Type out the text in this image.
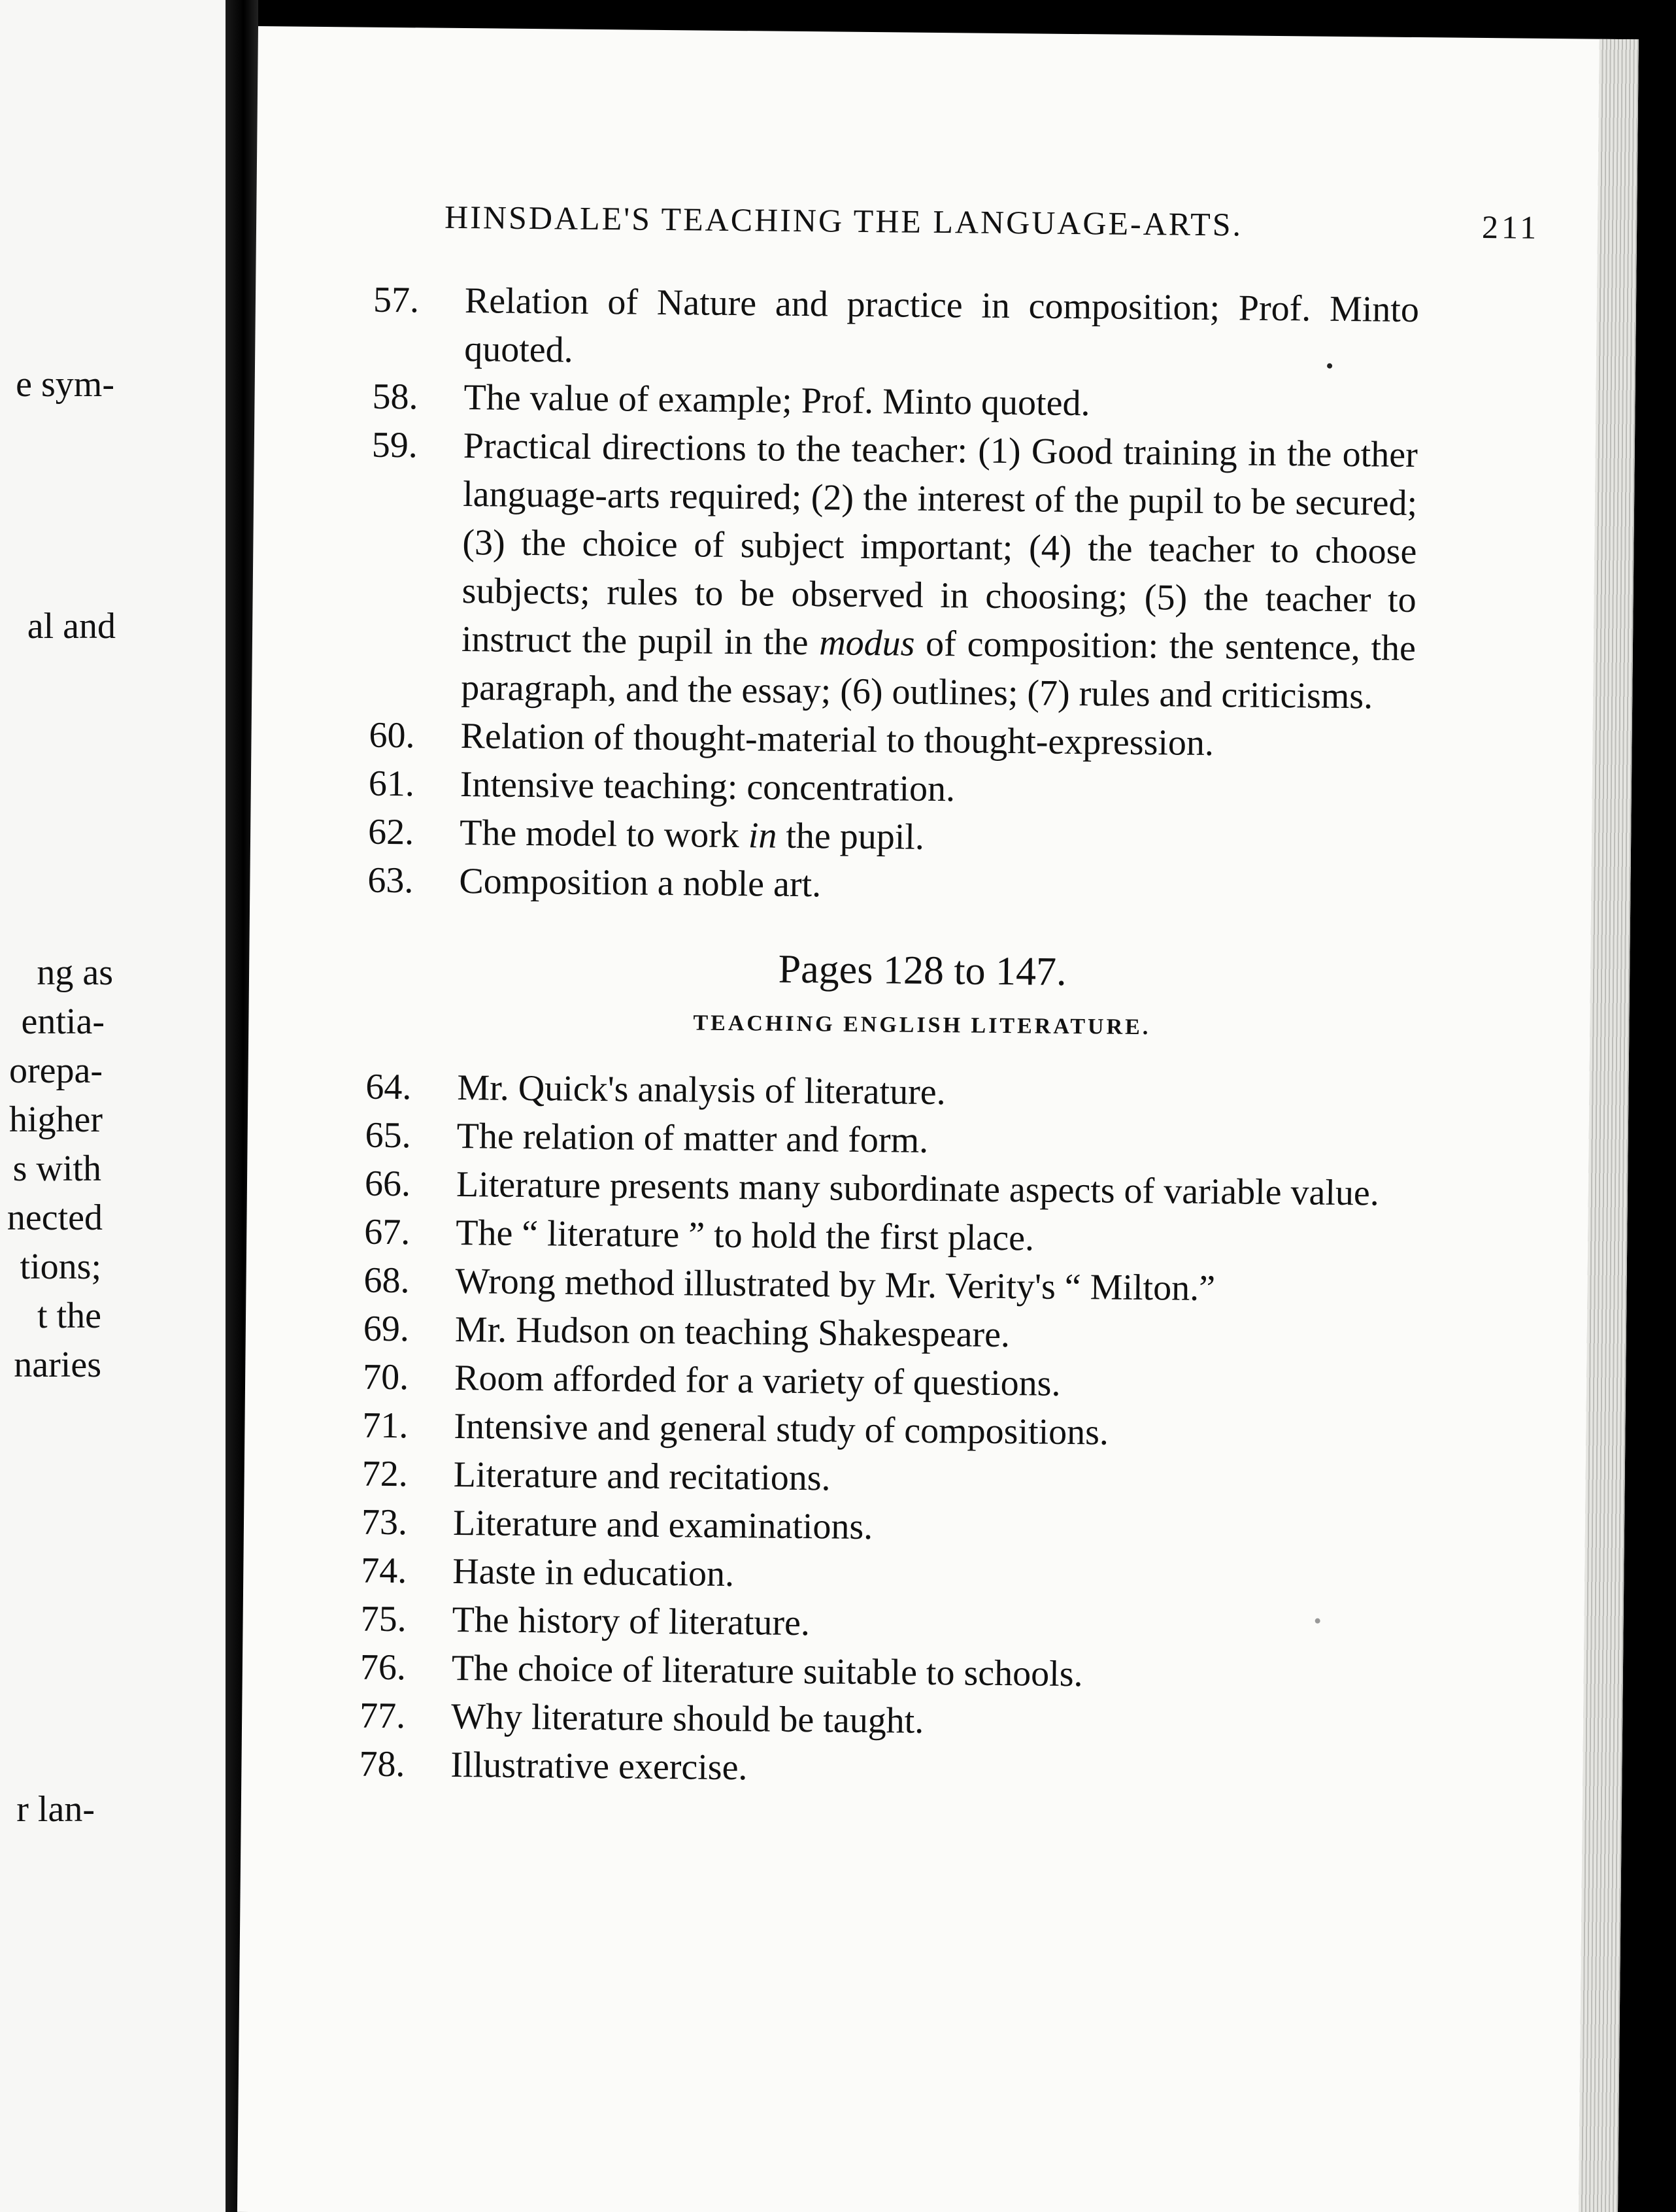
e sym-
al and
ng as
entia-
orepa-
higher
s with
nected
tions;
t the
naries
r lan-
HINSDALE'S TEACHING THE LANGUAGE-ARTS.	211
57. Relation of Nature and practice in composition; Prof. Minto quoted.
58. The value of example; Prof. Minto quoted.
59. Practical directions to the teacher: (1) Good training in the other language-arts required; (2) the interest of the pupil to be secured; (3) the choice of subject important; (4) the teacher to choose subjects; rules to be observed in choosing; (5) the teacher to instruct the pupil in the modus of composition: the sentence, the paragraph, and the essay; (6) outlines; (7) rules and criticisms.
60. Relation of thought-material to thought-expression.
61. Intensive teaching: concentration.
62. The model to work in the pupil.
63. Composition a noble art.
Pages 128 to 147.
TEACHING ENGLISH LITERATURE.
64. Mr. Quick's analysis of literature.
65. The relation of matter and form.
66. Literature presents many subordinate aspects of variable value.
67. The “ literature ” to hold the first place.
68. Wrong method illustrated by Mr. Verity's “ Milton.”
69. Mr. Hudson on teaching Shakespeare.
70. Room afforded for a variety of questions.
71. Intensive and general study of compositions.
72. Literature and recitations.
73. Literature and examinations.
74. Haste in education.
75. The history of literature.
76. The choice of literature suitable to schools.
77. Why literature should be taught.
78. Illustrative exercise.
